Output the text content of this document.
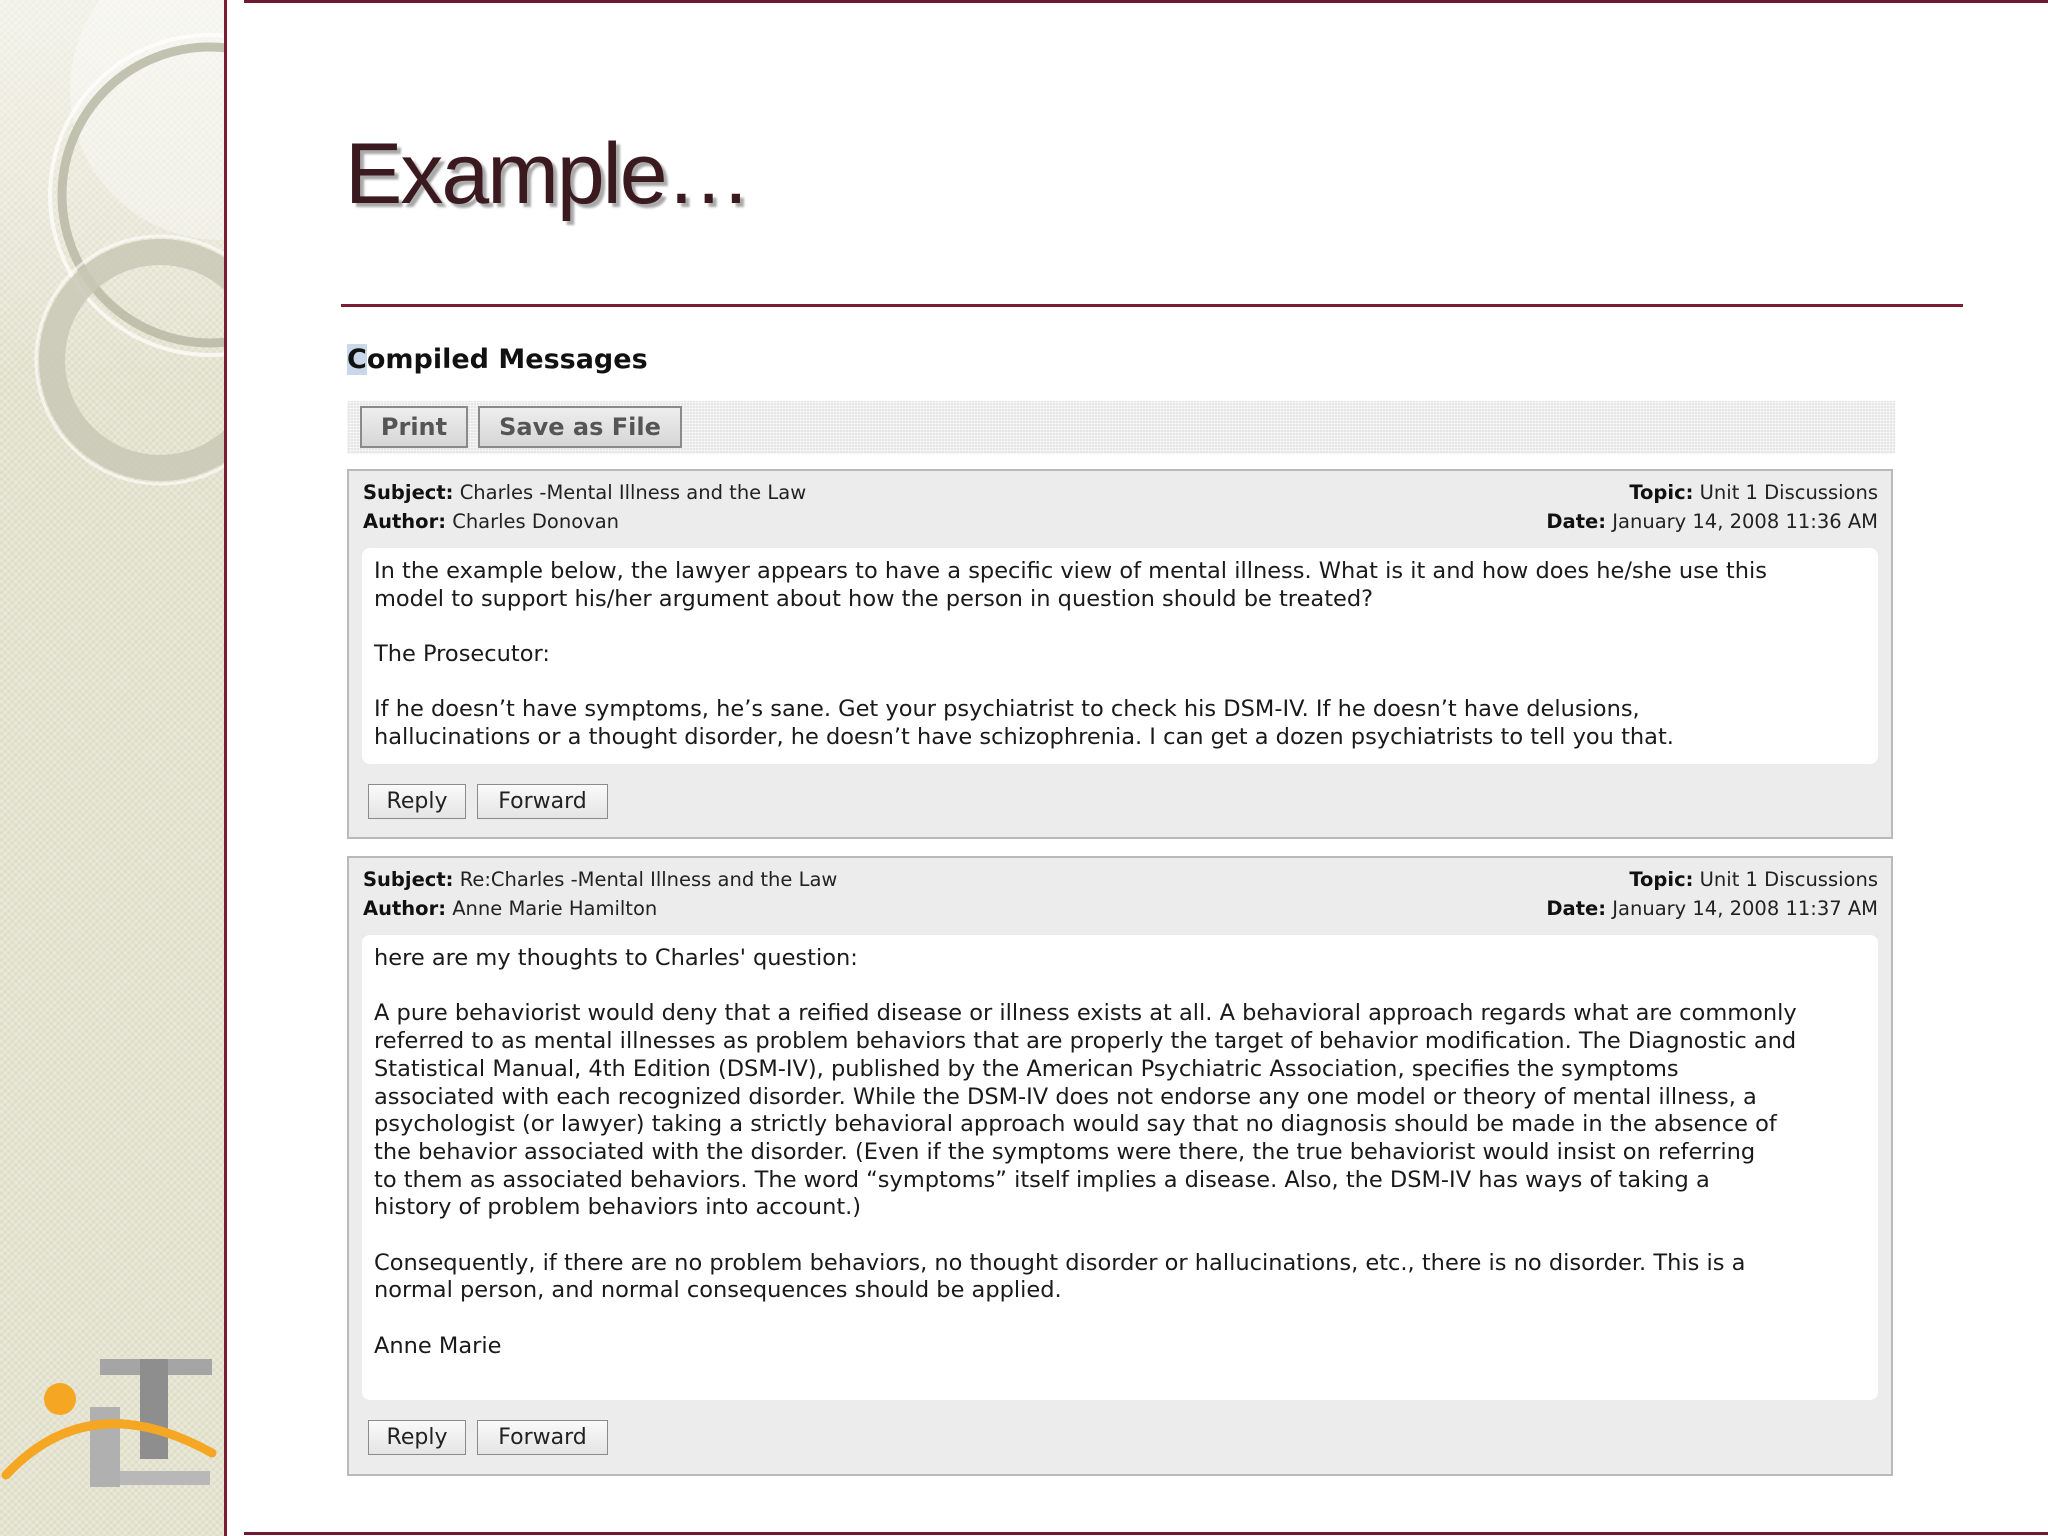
Example…
Compiled Messages
Print	Save as File
Subject: Charles -Mental Illness and the Law
Author: Charles Donovan
Topic: Unit 1 Discussions
Date: January 14, 2008 11:36 AM

In the example below, the lawyer appears to have a specific view of mental illness. What is it and how does he/she use this
model to support his/her argument about how the person in question should be treated?

The Prosecutor:

If he doesn’t have symptoms, he’s sane. Get your psychiatrist to check his DSM-IV. If he doesn’t have delusions,
hallucinations or a thought disorder, he doesn’t have schizophrenia. I can get a dozen psychiatrists to tell you that.

Reply	Forward
Subject: Re:Charles -Mental Illness and the Law
Author: Anne Marie Hamilton
Topic: Unit 1 Discussions
Date: January 14, 2008 11:37 AM

here are my thoughts to Charles' question:

A pure behaviorist would deny that a reified disease or illness exists at all. A behavioral approach regards what are commonly
referred to as mental illnesses as problem behaviors that are properly the target of behavior modification. The Diagnostic and
Statistical Manual, 4th Edition (DSM-IV), published by the American Psychiatric Association, specifies the symptoms
associated with each recognized disorder. While the DSM-IV does not endorse any one model or theory of mental illness, a
psychologist (or lawyer) taking a strictly behavioral approach would say that no diagnosis should be made in the absence of
the behavior associated with the disorder. (Even if the symptoms were there, the true behaviorist would insist on referring
to them as associated behaviors. The word “symptoms” itself implies a disease. Also, the DSM-IV has ways of taking a
history of problem behaviors into account.)

Consequently, if there are no problem behaviors, no thought disorder or hallucinations, etc., there is no disorder. This is a
normal person, and normal consequences should be applied.

Anne Marie

Reply	Forward
